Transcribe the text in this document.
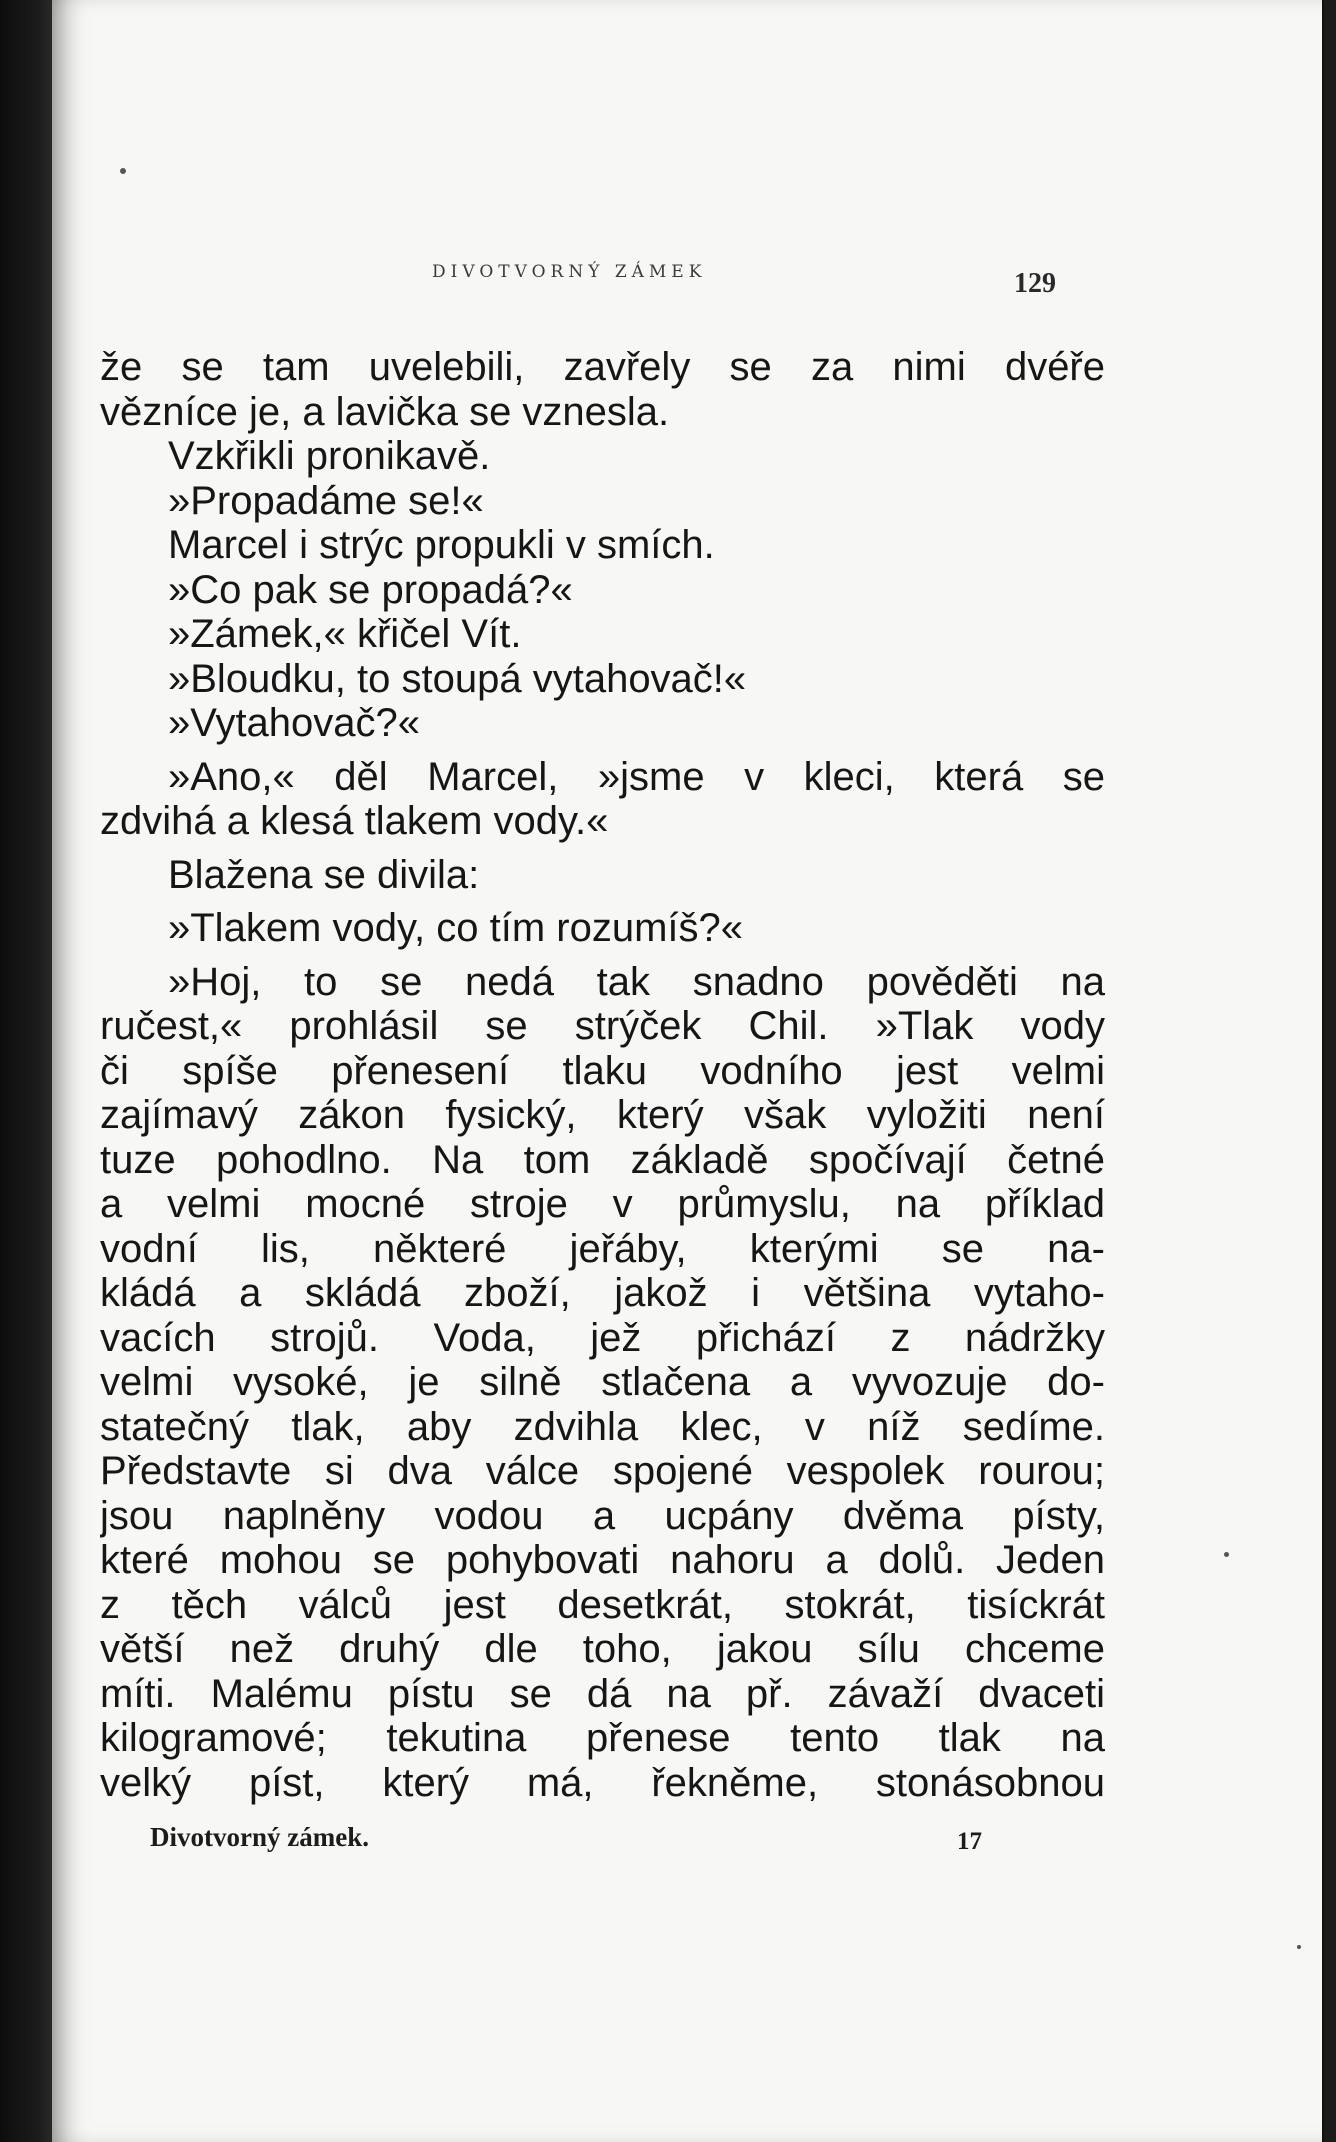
DIVOTVORNÝ ZÁMEK	129
že se tam uvelebili, zavřely se za nimi dvéře
vězníce je, a lavička se vznesla.
Vzkřikli pronikavě.
»Propadáme se!«
Marcel i strýc propukli v smích.
»Co pak se propadá?«
»Zámek,« křičel Vít.
»Bloudku, to stoupá vytahovač!«
»Vytahovač?«
»Ano,« děl Marcel, »jsme v kleci, která se
zdvihá a klesá tlakem vody.«
Blažena se divila:
»Tlakem vody, co tím rozumíš?«
»Hoj, to se nedá tak snadno pověděti na
ručest,« prohlásil se strýček Chil. »Tlak vody
či spíše přenesení tlaku vodního jest velmi
zajímavý zákon fysický, který však vyložiti není
tuze pohodlno. Na tom základě spočívají četné
a velmi mocné stroje v průmyslu, na příklad
vodní lis, některé jeřáby, kterými se na-
kládá a skládá zboží, jakož i většina vytaho-
vacích strojů. Voda, jež přichází z nádržky
velmi vysoké, je silně stlačena a vyvozuje do-
statečný tlak, aby zdvihla klec, v níž sedíme.
Představte si dva válce spojené vespolek rourou;
jsou naplněny vodou a ucpány dvěma písty,
které mohou se pohybovati nahoru a dolů. Jeden
z těch válců jest desetkrát, stokrát, tisíckrát
větší než druhý dle toho, jakou sílu chceme
míti. Malému pístu se dá na př. závaží dvaceti
kilogramové; tekutina přenese tento tlak na
velký píst, který má, řekněme, stonásobnou
Divotvorný zámek.	17
